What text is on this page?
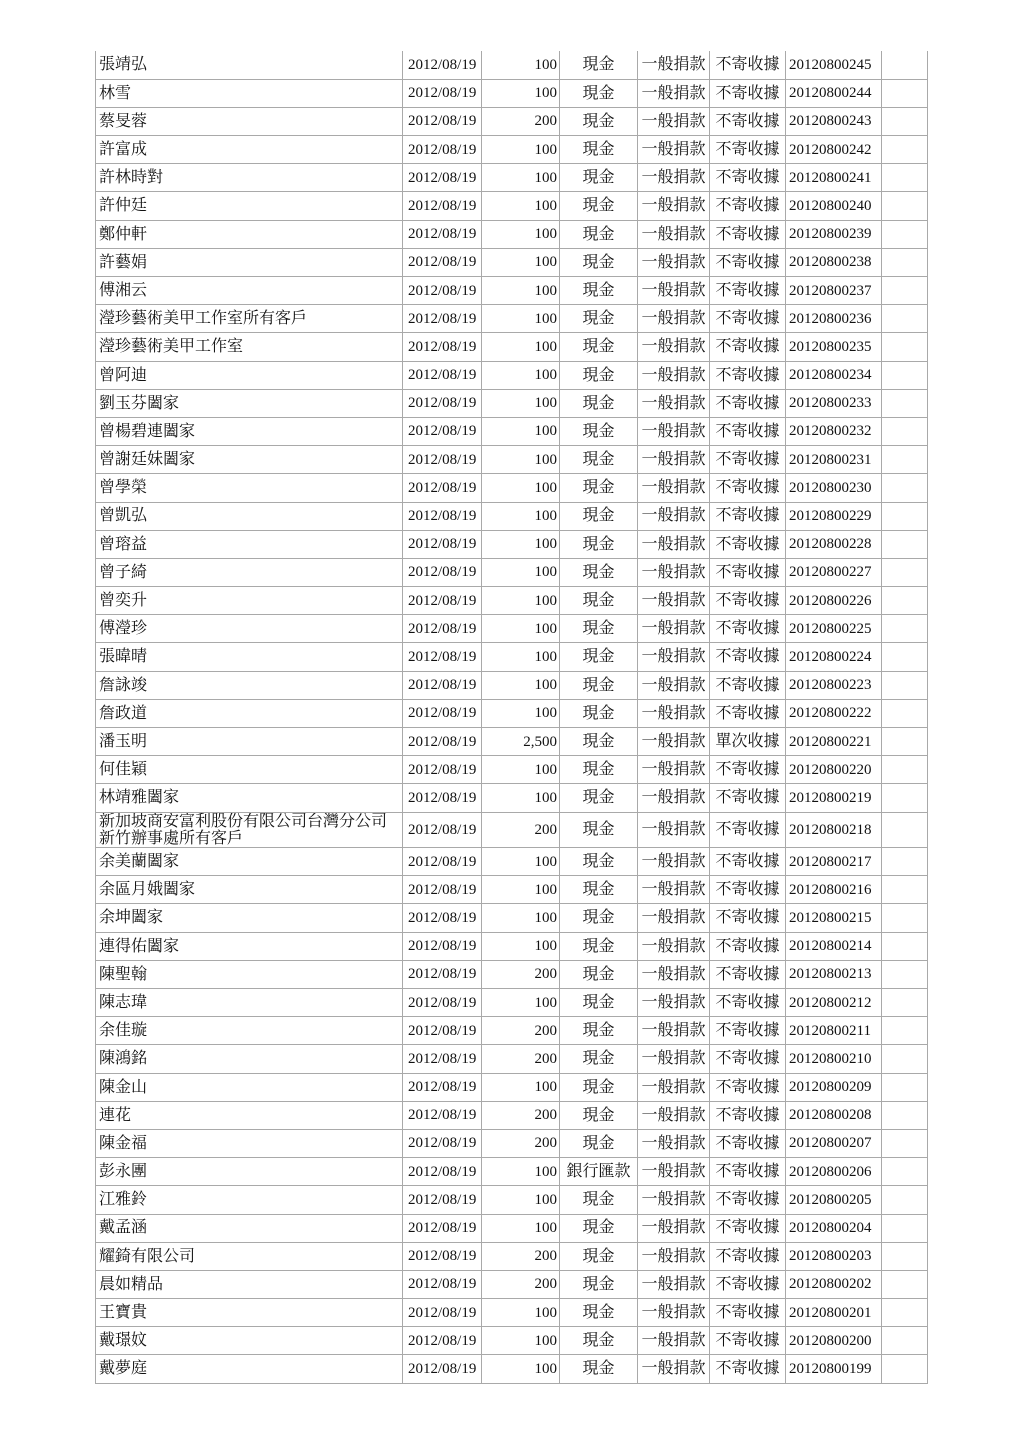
張靖弘	2012/08/19	100	現金	一般捐款	不寄收據	20120800245	
林雪	2012/08/19	100	現金	一般捐款	不寄收據	20120800244	
蔡旻蓉	2012/08/19	200	現金	一般捐款	不寄收據	20120800243	
許富成	2012/08/19	100	現金	一般捐款	不寄收據	20120800242	
許林時對	2012/08/19	100	現金	一般捐款	不寄收據	20120800241	
許仲廷	2012/08/19	100	現金	一般捐款	不寄收據	20120800240	
鄭仲軒	2012/08/19	100	現金	一般捐款	不寄收據	20120800239	
許藝娟	2012/08/19	100	現金	一般捐款	不寄收據	20120800238	
傅湘云	2012/08/19	100	現金	一般捐款	不寄收據	20120800237	
瀅珍藝術美甲工作室所有客戶	2012/08/19	100	現金	一般捐款	不寄收據	20120800236	
瀅珍藝術美甲工作室	2012/08/19	100	現金	一般捐款	不寄收據	20120800235	
曾阿迪	2012/08/19	100	現金	一般捐款	不寄收據	20120800234	
劉玉芬闔家	2012/08/19	100	現金	一般捐款	不寄收據	20120800233	
曾楊碧連闔家	2012/08/19	100	現金	一般捐款	不寄收據	20120800232	
曾謝廷妹闔家	2012/08/19	100	現金	一般捐款	不寄收據	20120800231	
曾學榮	2012/08/19	100	現金	一般捐款	不寄收據	20120800230	
曾凱弘	2012/08/19	100	現金	一般捐款	不寄收據	20120800229	
曾瑢益	2012/08/19	100	現金	一般捐款	不寄收據	20120800228	
曾子綺	2012/08/19	100	現金	一般捐款	不寄收據	20120800227	
曾奕升	2012/08/19	100	現金	一般捐款	不寄收據	20120800226	
傅瀅珍	2012/08/19	100	現金	一般捐款	不寄收據	20120800225	
張暐晴	2012/08/19	100	現金	一般捐款	不寄收據	20120800224	
詹詠竣	2012/08/19	100	現金	一般捐款	不寄收據	20120800223	
詹政道	2012/08/19	100	現金	一般捐款	不寄收據	20120800222	
潘玉明	2012/08/19	2,500	現金	一般捐款	單次收據	20120800221	
何佳穎	2012/08/19	100	現金	一般捐款	不寄收據	20120800220	
林靖雅闔家	2012/08/19	100	現金	一般捐款	不寄收據	20120800219	
新加坡商安富利股份有限公司台灣分公司新竹辦事處所有客戶	2012/08/19	200	現金	一般捐款	不寄收據	20120800218	
余美蘭闔家	2012/08/19	100	現金	一般捐款	不寄收據	20120800217	
余區月娥闔家	2012/08/19	100	現金	一般捐款	不寄收據	20120800216	
余坤闔家	2012/08/19	100	現金	一般捐款	不寄收據	20120800215	
連得佑闔家	2012/08/19	100	現金	一般捐款	不寄收據	20120800214	
陳聖翰	2012/08/19	200	現金	一般捐款	不寄收據	20120800213	
陳志瑋	2012/08/19	100	現金	一般捐款	不寄收據	20120800212	
余佳璇	2012/08/19	200	現金	一般捐款	不寄收據	20120800211	
陳鴻銘	2012/08/19	200	現金	一般捐款	不寄收據	20120800210	
陳金山	2012/08/19	100	現金	一般捐款	不寄收據	20120800209	
連花	2012/08/19	200	現金	一般捐款	不寄收據	20120800208	
陳金福	2012/08/19	200	現金	一般捐款	不寄收據	20120800207	
彭永團	2012/08/19	100	銀行匯款	一般捐款	不寄收據	20120800206	
江雅鈴	2012/08/19	100	現金	一般捐款	不寄收據	20120800205	
戴孟涵	2012/08/19	100	現金	一般捐款	不寄收據	20120800204	
耀錡有限公司	2012/08/19	200	現金	一般捐款	不寄收據	20120800203	
晨如精品	2012/08/19	200	現金	一般捐款	不寄收據	20120800202	
王寶貴	2012/08/19	100	現金	一般捐款	不寄收據	20120800201	
戴璟妏	2012/08/19	100	現金	一般捐款	不寄收據	20120800200	
戴夢庭	2012/08/19	100	現金	一般捐款	不寄收據	20120800199	
